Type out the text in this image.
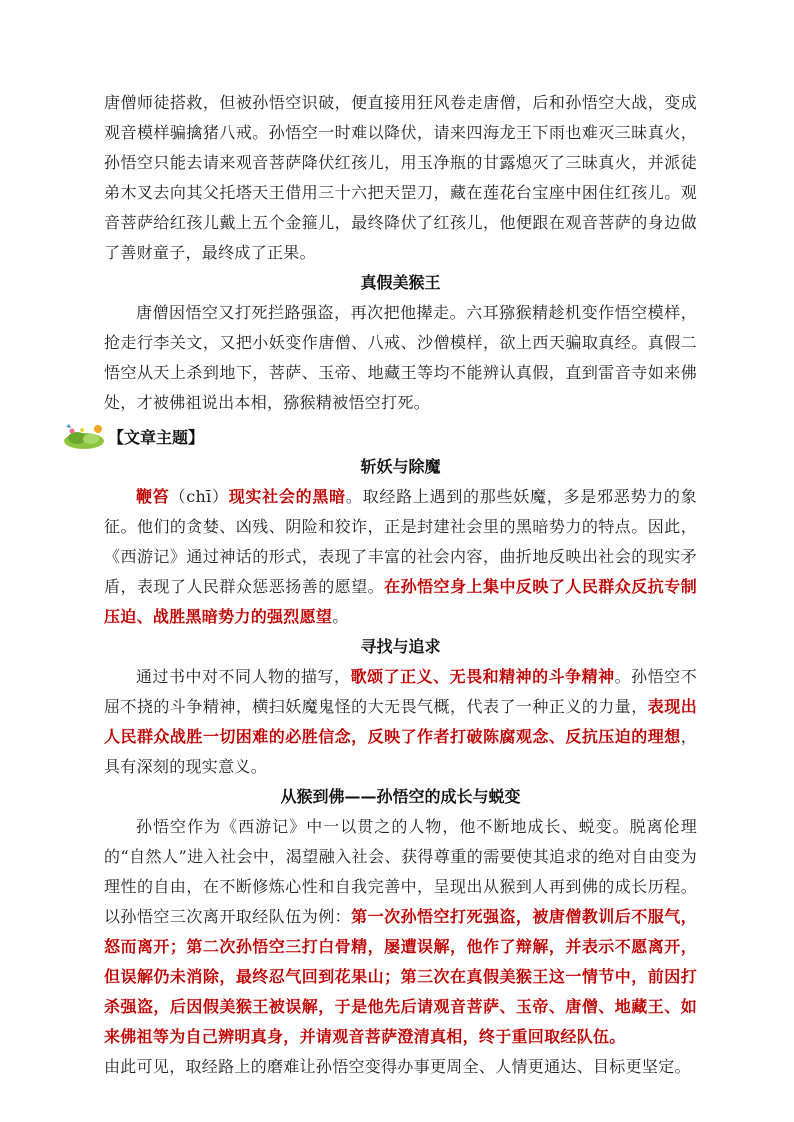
唐僧师徒搭救，但被孙悟空识破，便直接用狂风卷走唐僧，后和孙悟空大战，变成观音模样骗擒猪八戒。孙悟空一时难以降伏，请来四海龙王下雨也难灭三昧真火，孙悟空只能去请来观音菩萨降伏红孩儿，用玉净瓶的甘露熄灭了三昧真火，并派徒弟木叉去向其父托塔天王借用三十六把天罡刀，藏在莲花台宝座中困住红孩儿。观音菩萨给红孩儿戴上五个金箍儿，最终降伏了红孩儿，他便跟在观音菩萨的身边做了善财童子，最终成了正果。

真假美猴王

唐僧因悟空又打死拦路强盗，再次把他撵走。六耳猕猴精趁机变作悟空模样，抢走行李关文，又把小妖变作唐僧、八戒、沙僧模样，欲上西天骗取真经。真假二悟空从天上杀到地下，菩萨、玉帝、地藏王等均不能辨认真假，直到雷音寺如来佛处，才被佛祖说出本相，猕猴精被悟空打死。

【文章主题】
斩妖与除魔

鞭笞（chī）现实社会的黑暗。取经路上遇到的那些妖魔，多是邪恶势力的象征。他们的贪婪、凶残、阴险和狡诈，正是封建社会里的黑暗势力的特点。因此，《西游记》通过神话的形式，表现了丰富的社会内容，曲折地反映出社会的现实矛盾，表现了人民群众惩恶扬善的愿望。在孙悟空身上集中反映了人民群众反抗专制压迫、战胜黑暗势力的强烈愿望。

寻找与追求

通过书中对不同人物的描写，歌颂了正义、无畏和精神的斗争精神。孙悟空不屈不挠的斗争精神，横扫妖魔鬼怪的大无畏气概，代表了一种正义的力量，表现出人民群众战胜一切困难的必胜信念，反映了作者打破陈腐观念、反抗压迫的理想，具有深刻的现实意义。

从猴到佛——孙悟空的成长与蜕变

孙悟空作为《西游记》中一以贯之的人物，他不断地成长、蜕变。脱离伦理的“自然人”进入社会中，渴望融入社会、获得尊重的需要使其追求的绝对自由变为理性的自由，在不断修炼心性和自我完善中，呈现出从猴到人再到佛的成长历程。以孙悟空三次离开取经队伍为例：第一次孙悟空打死强盗，被唐僧教训后不服气，怒而离开；第二次孙悟空三打白骨精，屡遭误解，他作了辩解，并表示不愿离开，但误解仍未消除，最终忍气回到花果山；第三次在真假美猴王这一情节中，前因打杀强盗，后因假美猴王被误解，于是他先后请观音菩萨、玉帝、唐僧、地藏王、如来佛祖等为自己辨明真身，并请观音菩萨澄清真相，终于重回取经队伍。

由此可见，取经路上的磨难让孙悟空变得办事更周全、人情更通达、目标更坚定。
